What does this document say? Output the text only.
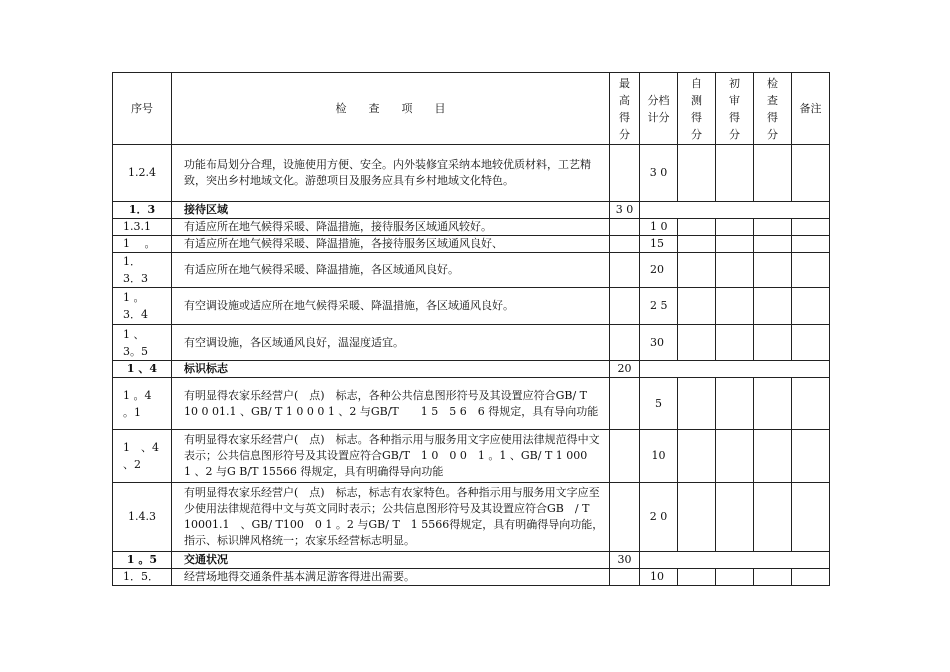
序号	检　　查　　项　　目	最高得分	分档计分	自测得分	初审得分	检查得分	备注
1.2.4	功能布局划分合理，设施使用方便、安全。内外装修宜采纳本地较优质材料，工艺精致，突出乡村地域文化。游憩项目及服务应具有乡村地域文化特色。		3 0				
1．3	接待区域	3 0					
1.3.1	有适应所在地气候得采暖、降温措施，接待服务区域通风较好。		1 0				
1　 。	有适应所在地气候得采暖、降温措施，各接待服务区域通风良好、		15				
1．3．3	有适应所在地气候得采暖、降温措施，各区域通风良好。		20				
1 。3．4	有空调设施或适应所在地气候得采暖、降温措施，各区域通风良好。		2 5				
1 、3。5	有空调设施，各区域通风良好，温湿度适宜。		30				
1 、4	标识标志	20					
1 。4 。1	有明显得农家乐经营户(　点)　标志，各种公共信息图形符号及其设置应符合GB/ T　10 0 01.1 、GB/ T 1 0 0 0 1 、2 与GB/T　　1 5　5 6　6 得规定，具有导向功能		5				
1　、4 、2	有明显得农家乐经营户(　点)　标志。各种指示用与服务用文字应使用法律规范得中文表示；公共信息图形符号及其设置应符合GB/T　1 0　0 0　1 。1 、GB/ T 1 000　1 、2 与G B/T 15566 得规定，具有明确得导向功能		10				
1.4.3	有明显得农家乐经营户(　点)　标志，标志有农家特色。各种指示用与服务用文字应至少使用法律规范得中文与英文同时表示；公共信息图形符号及其设置应符合GB　/ T 10001.1　、GB/ T100　0 1 。2 与GB/ T　1 5566得规定，具有明确得导向功能，指示、标识牌风格统一；农家乐经营标志明显。		2 0				
1 。5	交通状况	30					
1．5．	经营场地得交通条件基本满足游客得进出需要。		10				
